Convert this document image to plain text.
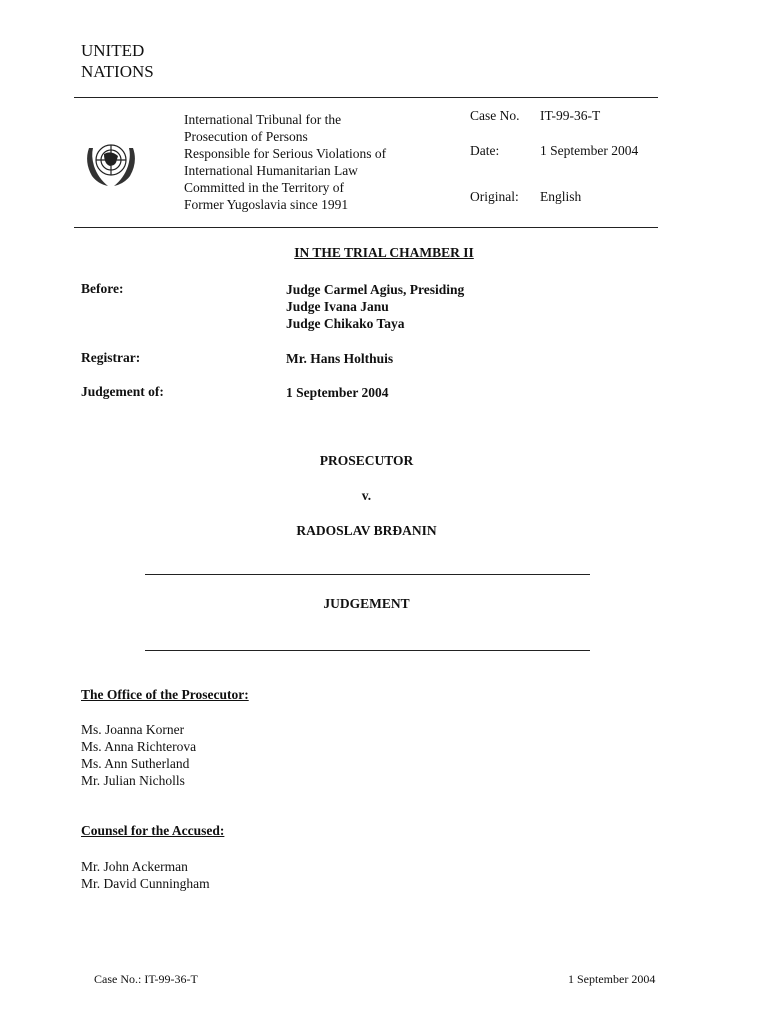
UNITED
NATIONS
International Tribunal for the
Prosecution of Persons
Responsible for Serious Violations of
International Humanitarian Law
Committed in the Territory of
Former Yugoslavia since 1991
Case No. IT-99-36-T
Date:	1 September 2004
Original: English
IN THE TRIAL CHAMBER II
Before:	Judge Carmel Agius, Presiding
Judge Ivana Janu
Judge Chikako Taya
Registrar:	Mr. Hans Holthuis
Judgement of:	1 September 2004
PROSECUTOR
v.
RADOSLAV BRĐANIN
JUDGEMENT
The Office of the Prosecutor:
Ms. Joanna Korner
Ms. Anna Richterova
Ms. Ann Sutherland
Mr. Julian Nicholls
Counsel for the Accused:
Mr. John Ackerman
Mr. David Cunningham
Case No.: IT-99-36-T	1 September 2004
